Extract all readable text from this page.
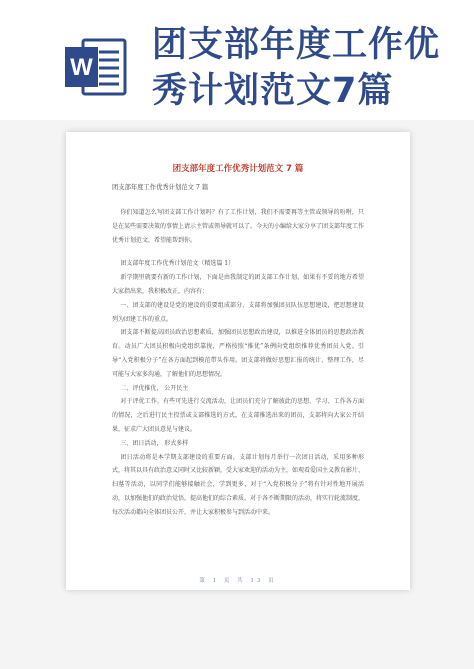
W
团支部年度工作优
秀计划范文7篇
团支部年度工作优秀计划范文 7 篇
团支部年度工作优秀计划范文 7 篇

你们知道怎么写团支部工作计划吗？有了工作计划，我们不需要再等主管或领导的吩咐，只是在某些需要决策的事情上请示主管或领导就可以了。今天的小编给大家分享了团支部年度工作优秀计划范文，希望能帮到你。

团支部年度工作优秀计划范文（精选篇 1）

新学期里就要有新的工作计划，下面是由我制定的团支部工作计划，如果有不妥的地方希望大家指出来，我积极改正，内容有：

一、团支部的建设是党的建设的重要组成部分，支部将加强团员队伍思想建设，把思想建设列为团建工作的重点。

团支部不断提高团员政治思想素质，加强团员思想政治建设，以推进全体团员的思想政治教育。动员广大团员积极向党组织靠拢，严格按照“推优”条例向党组织推荐优秀团员入党。引导“入党积极分子”在各方面起到模范带头作用。团支部将做好思想汇报的统计、整理工作，尽可能与大家多沟通，了解他们的思想情况。

二、评优推优， 公开民主

对于评优工作，有些可先进行交流活动，让团员们充分了解彼此的思想、学习、工作各方面的情况，之后进行民主投票或支部推选的方式，在支部推选出来的团员，支部将向大家公开结果，征求广大团员意见与建议。

三、团日活动， 形式多样

团日活动将是本学期支部建设的重要方面，支部计划每月举行一次团日活动，采用多种形式，将其以具有政治意义同时又比较新颖，受大家欢迎的活动为主，如观看爱国主义教育影片、扫墓等活动，以同学们能够接触社会，学到更多，对于“入党积极分子”将有针对性地开展活动，以加强他们的政治觉悟，提高他们的综合素质。对于各不断期限的活动，将实行轮流制度，每次活动都向全体团员公开，并让大家积极参与到活动中来。

第 1 页 共 13 页
